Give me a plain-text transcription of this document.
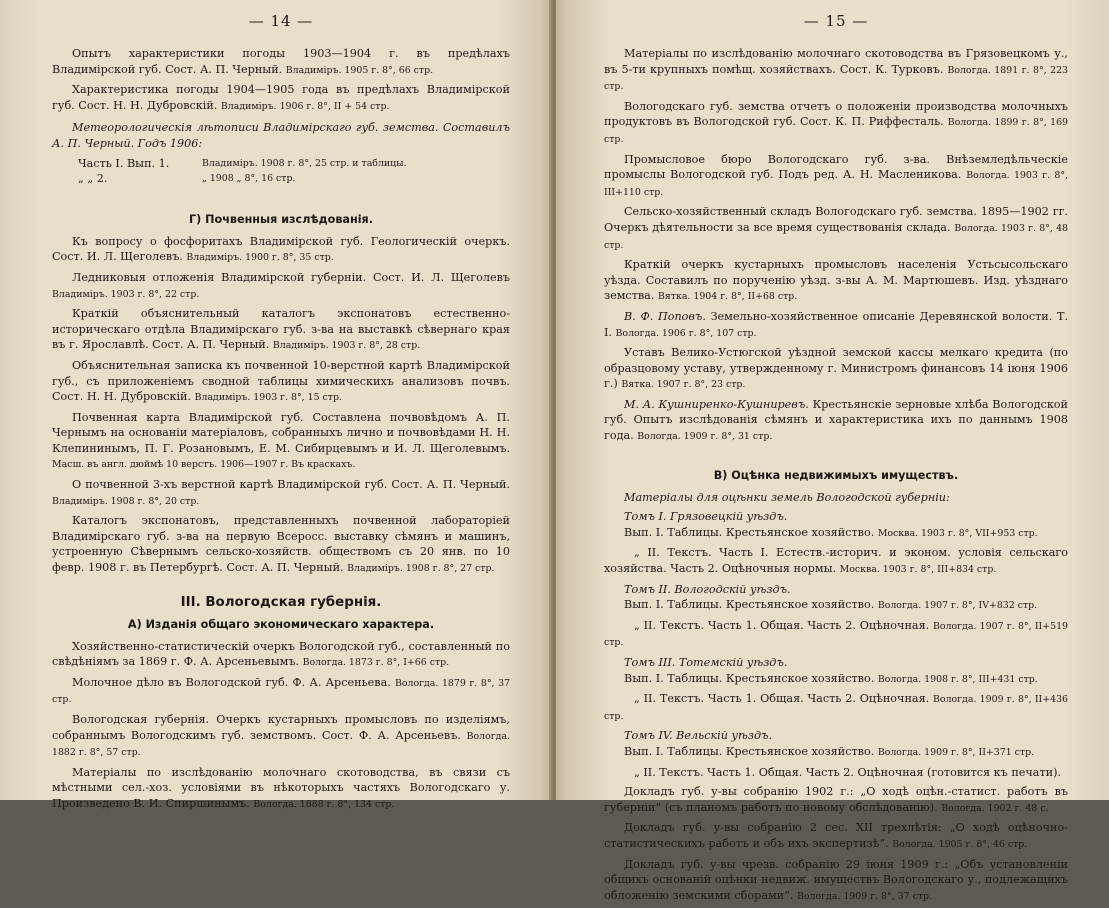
— 14 —

Опытъ характеристики погоды 1903—1904 г. въ предѣлахъ Владимірской губ. Сост. А. П. Черный. Владиміръ. 1905 г. 8°, 66 стр.

Характеристика погоды 1904—1905 года въ предѣлахъ Владимірской губ. Сост. Н. Н. Дубровскій. Владиміръ. 1906 г. 8°, II + 54 стр.

Метеорологическія лѣтописи Владимірскаго губ. земства. Составилъ А. П. Черный. Годъ 1906:

Часть I. Вып. 1.	Владиміръ. 1908 г. 8°, 25 стр. и таблицы.
„ „ 2.	„ 1908 „ 8°, 16 стр.
Г) Почвенныя изслѣдованія.

Къ вопросу о фосфоритахъ Владимірской губ. Геологическій очеркъ. Сост. И. Л. Щеголевъ. Владиміръ. 1900 г. 8°, 35 стр.

Ледниковыя отложенія Владимірской губерніи. Сост. И. Л. Щеголевъ Владиміръ. 1903 г. 8°, 22 стр.

Краткій объяснительный каталогъ экспонатовъ естественно-историческаго отдѣла Владимірскаго губ. з-ва на выставкѣ сѣвернаго края въ г. Ярославлѣ. Сост. А. П. Черный. Владиміръ. 1903 г. 8°, 28 стр.

Объяснительная записка къ почвенной 10-верстной картѣ Владимірской губ., съ приложеніемъ сводной таблицы химическихъ анализовъ почвъ. Сост. Н. Н. Дубровскій. Владиміръ. 1903 г. 8°, 15 стр.

Почвенная карта Владимірской губ. Составлена почвовѣдомъ А. П. Чернымъ на основаніи матеріаловъ, собранныхъ лично и почвовѣдами Н. Н. Клепининымъ, П. Г. Розановымъ, Е. М. Сибирцевымъ и И. Л. Щеголевымъ. Масш. въ англ. дюймѣ 10 верстъ. 1906—1907 г. Въ краскахъ.

О почвенной 3-хъ верстной картѣ Владимірской губ. Сост. А. П. Черный. Владиміръ. 1908 г. 8°, 20 стр.

Каталогъ экспонатовъ, представленныхъ почвенной лабораторіей Владимірскаго губ. з-ва на первую Всеросс. выставку сѣмянъ и машинъ, устроенную Сѣвернымъ сельско-хозяйств. обществомъ съ 20 янв. по 10 февр. 1908 г. въ Петербургѣ. Сост. А. П. Черный. Владиміръ. 1908 г. 8°, 27 стр.

III. Вологодская губернія.
А) Изданія общаго экономическаго характера.

Хозяйственно-статистическій очеркъ Вологодской губ., составленный по свѣдѣніямъ за 1869 г. Ф. А. Арсеньевымъ. Вологда. 1873 г. 8°, I+66 стр.

Молочное дѣло въ Вологодской губ. Ф. А. Арсеньева. Вологда. 1879 г. 8°, 37 стр.

Вологодская губернія. Очеркъ кустарныхъ промысловъ по изделіямъ, собраннымъ Вологодскимъ губ. земствомъ. Сост. Ф. А. Арсеньевъ. Вологда. 1882 г. 8°, 57 стр.

Матеріалы по изслѣдованію молочнаго скотоводства, въ связи съ мѣстными сел.-хоз. условіями въ нѣкоторыхъ частяхъ Вологодскаго у. Произведено В. И. Спиршинымъ. Вологда. 1888 г. 8°, 134 стр.

— 15 —

Матеріалы по изслѣдованію молочнаго скотоводства въ Грязовецкомъ у., въ 5-ти крупныхъ помѣщ. хозяйствахъ. Сост. К. Турковъ. Вологда. 1891 г. 8°, 223 стр.

Вологодскаго губ. земства отчетъ о положеніи производства молочныхъ продуктовъ въ Вологодской губ. Сост. К. П. Риффесталь. Вологда. 1899 г. 8°, 169 стр.

Промысловое бюро Вологодскаго губ. з-ва. Внѣземледѣльческіе промыслы Вологодской губ. Подъ ред. А. Н. Масленикова. Вологда. 1903 г. 8°, III+110 стр.

Сельско-хозяйственный складъ Вологодскаго губ. земства. 1895—1902 гг. Очеркъ дѣятельности за все время существованія склада. Вологда. 1903 г. 8°, 48 стр.

Краткій очеркъ кустарныхъ промысловъ населенія Устьсысольскаго уѣзда. Составилъ по порученію уѣзд. з-вы А. М. Мартюшевъ. Изд. уѣзднаго земства. Вятка. 1904 г. 8°, II+68 стр.

В. Ф. Поповъ. Земельно-хозяйственное описаніе Деревянской волости. Т. I. Вологда. 1906 г. 8°, 107 стр.

Уставъ Велико-Устюгской уѣздной земской кассы мелкаго кредита (по образцовому уставу, утвержденному г. Министромъ финансовъ 14 іюня 1906 г.) Вятка. 1907 г. 8°, 23 стр.

М. А. Кушниренко-Кушниревъ. Крестьянскіе зерновые хлѣба Вологодской губ. Опытъ изслѣдованія сѣмянъ и характеристика ихъ по даннымъ 1908 года. Вологда. 1909 г. 8°, 31 стр.

В) Оцѣнка недвижимыхъ имуществъ.

Матеріалы для оцѣнки земель Вологодской губерніи:

Томъ I. Грязовецкій уѣздъ.

Вып. I. Таблицы. Крестьянское хозяйство. Москва. 1903 г. 8°, VII+953 стр.

„ II. Текстъ. Часть I. Естеств.-историч. и эконом. условія сельскаго хозяйства. Часть 2. Оцѣночныя нормы. Москва. 1903 г. 8°, III+834 стр.

Томъ II. Вологодскій уѣздъ.

Вып. I. Таблицы. Крестьянское хозяйство. Вологда. 1907 г. 8°, IV+832 стр.

„ II. Текстъ. Часть 1. Общая. Часть 2. Оцѣночная. Вологда. 1907 г. 8°, II+519 стр.

Томъ III. Тотемскій уѣздъ.

Вып. I. Таблицы. Крестьянское хозяйство. Вологда. 1908 г. 8°, III+431 стр.

„ II. Текстъ. Часть 1. Общая. Часть 2. Оцѣночная. Вологда. 1909 г. 8°, II+436 стр.

Томъ IV. Вельскій уѣздъ.

Вып. I. Таблицы. Крестьянское хозяйство. Вологда. 1909 г. 8°, II+371 стр.

„ II. Текстъ. Часть 1. Общая. Часть 2. Оцѣночная (готовится къ печати).

Докладъ губ. у-вы собранію 1902 г.: „О ходѣ оцѣн.-статист. работъ въ губерніи“ (съ планомъ работъ по новому обслѣдованію). Вологда. 1902 г. 48 с.

Докладъ губ. у-вы собранію 2 сес. XII трехлѣтія: „О ходѣ оцѣночно-статистическихъ работъ и объ ихъ экспертизѣ“. Вологда. 1905 г. 8°, 46 стр.

Докладъ губ. у-вы чрезв. собранію 29 іюня 1909 г.: „Объ установленіи общихъ основаній оцѣнки недвиж. имуществъ Вологодскаго у., подлежащихъ обложенію земскими сборами“. Вологда. 1909 г. 8°, 37 стр.
